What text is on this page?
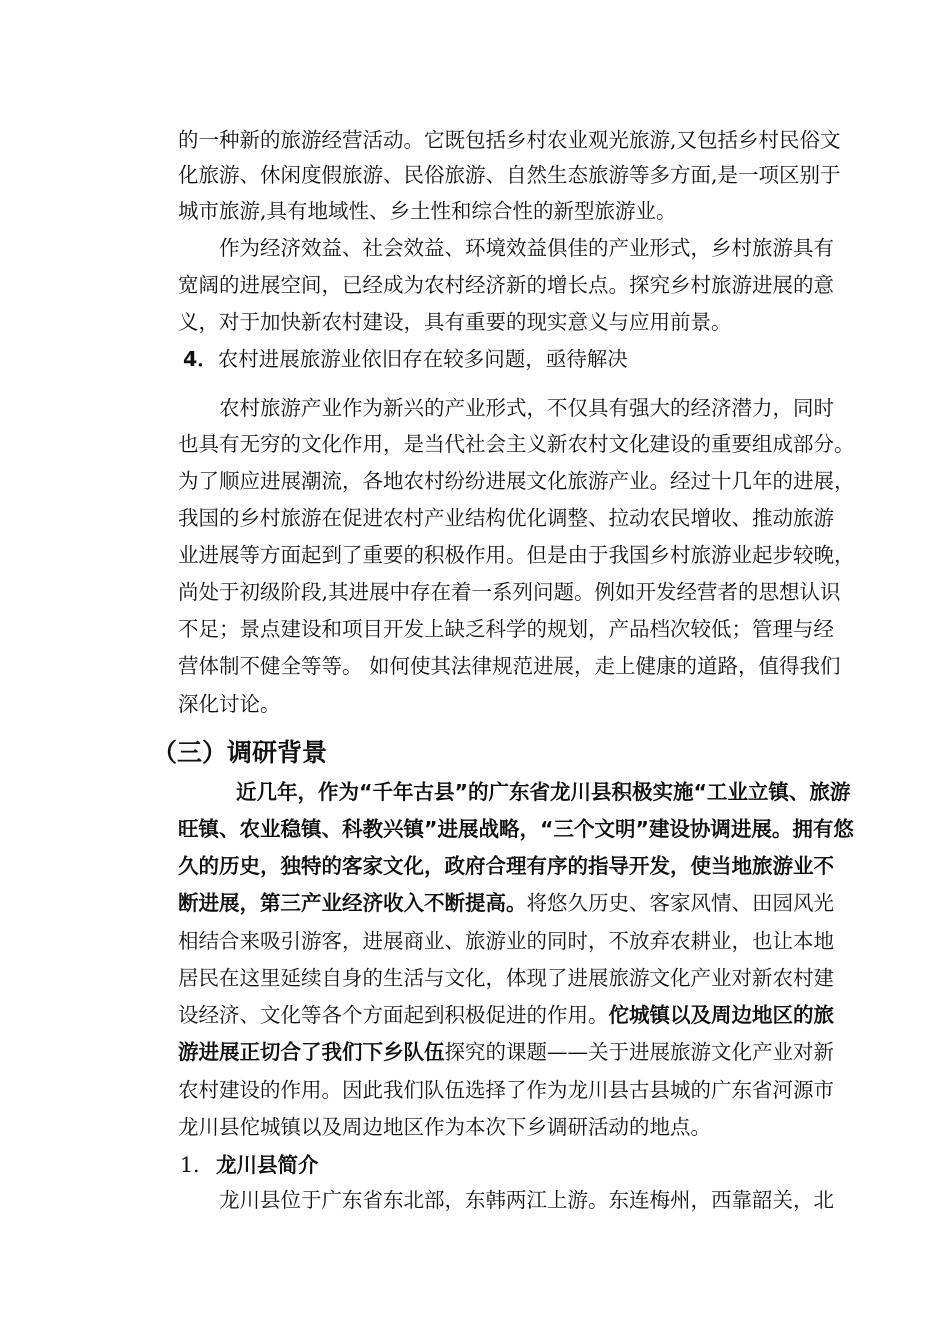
的一种新的旅游经营活动。它既包括乡村农业观光旅游,又包括乡村民俗文
化旅游、休闲度假旅游、民俗旅游、自然生态旅游等多方面,是一项区别于
城市旅游,具有地域性、乡土性和综合性的新型旅游业。
作为经济效益、社会效益、环境效益俱佳的产业形式，乡村旅游具有
宽阔的进展空间，已经成为农村经济新的增长点。探究乡村旅游进展的意
义，对于加快新农村建设，具有重要的现实意义与应用前景。
4．农村进展旅游业依旧存在较多问题，亟待解决
农村旅游产业作为新兴的产业形式，不仅具有强大的经济潜力，同时
也具有无穷的文化作用，是当代社会主义新农村文化建设的重要组成部分。
为了顺应进展潮流，各地农村纷纷进展文化旅游产业。经过十几年的进展，
我国的乡村旅游在促进农村产业结构优化调整、拉动农民增收、推动旅游
业进展等方面起到了重要的积极作用。但是由于我国乡村旅游业起步较晚，
尚处于初级阶段,其进展中存在着一系列问题。例如开发经营者的思想认识
不足；景点建设和项目开发上缺乏科学的规划，产品档次较低；管理与经
营体制不健全等等。 如何使其法律规范进展，走上健康的道路，值得我们
深化讨论。
（三）调研背景
近几年，作为“千年古县”的广东省龙川县积极实施“工业立镇、旅游
旺镇、农业稳镇、科教兴镇”进展战略，“三个文明”建设协调进展。拥有悠
久的历史，独特的客家文化，政府合理有序的指导开发，使当地旅游业不
断进展，第三产业经济收入不断提高。将悠久历史、客家风情、田园风光
相结合来吸引游客，进展商业、旅游业的同时，不放弃农耕业，也让本地
居民在这里延续自身的生活与文化，体现了进展旅游文化产业对新农村建
设经济、文化等各个方面起到积极促进的作用。佗城镇以及周边地区的旅
游进展正切合了我们下乡队伍探究的课题——关于进展旅游文化产业对新
农村建设的作用。因此我们队伍选择了作为龙川县古县城的广东省河源市
龙川县佗城镇以及周边地区作为本次下乡调研活动的地点。
1. 龙川县简介
龙川县位于广东省东北部，东韩两江上游。东连梅州，西靠韶关，北
